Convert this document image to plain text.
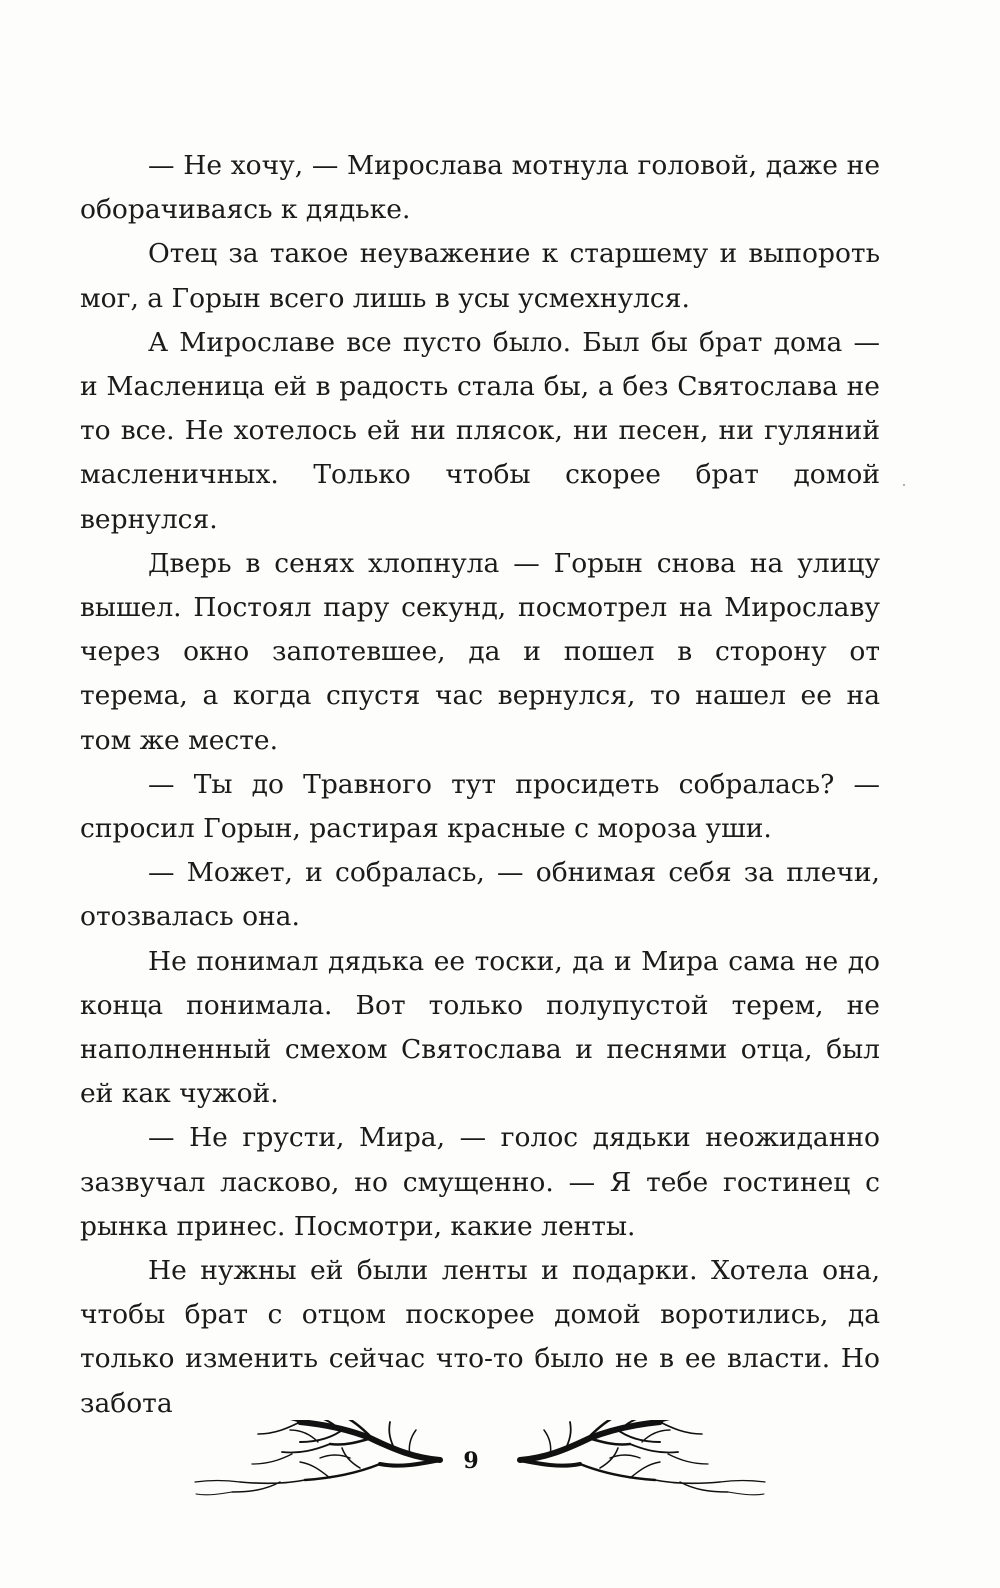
— Не хочу, — Мирослава мотнула головой, даже не оборачиваясь к дядьке.

Отец за такое неуважение к старшему и выпороть мог, а Горын всего лишь в усы усмехнулся.

А Мирославе все пусто было. Был бы брат дома — и Масленица ей в радость стала бы, а без Святослава не то все. Не хотелось ей ни плясок, ни песен, ни гуляний масленичных. Только чтобы скорее брат домой вернулся.

Дверь в сенях хлопнула — Горын снова на улицу вышел. Постоял пару секунд, посмотрел на Мирославу через окно запотевшее, да и пошел в сторону от терема, а когда спустя час вернулся, то нашел ее на том же месте.

— Ты до Травного тут просидеть собралась? — спросил Горын, растирая красные с мороза уши.

— Может, и собралась, — обнимая себя за плечи, отозвалась она.

Не понимал дядька ее тоски, да и Мира сама не до конца понимала. Вот только полупустой терем, не наполненный смехом Святослава и песнями отца, был ей как чужой.

— Не грусти, Мира, — голос дядьки неожиданно зазвучал ласково, но смущенно. — Я тебе гостинец с рынка принес. Посмотри, какие ленты.

Не нужны ей были ленты и подарки. Хотела она, чтобы брат с отцом поскорее домой воротились, да только изменить сейчас что-то было не в ее власти. Но забота

9
